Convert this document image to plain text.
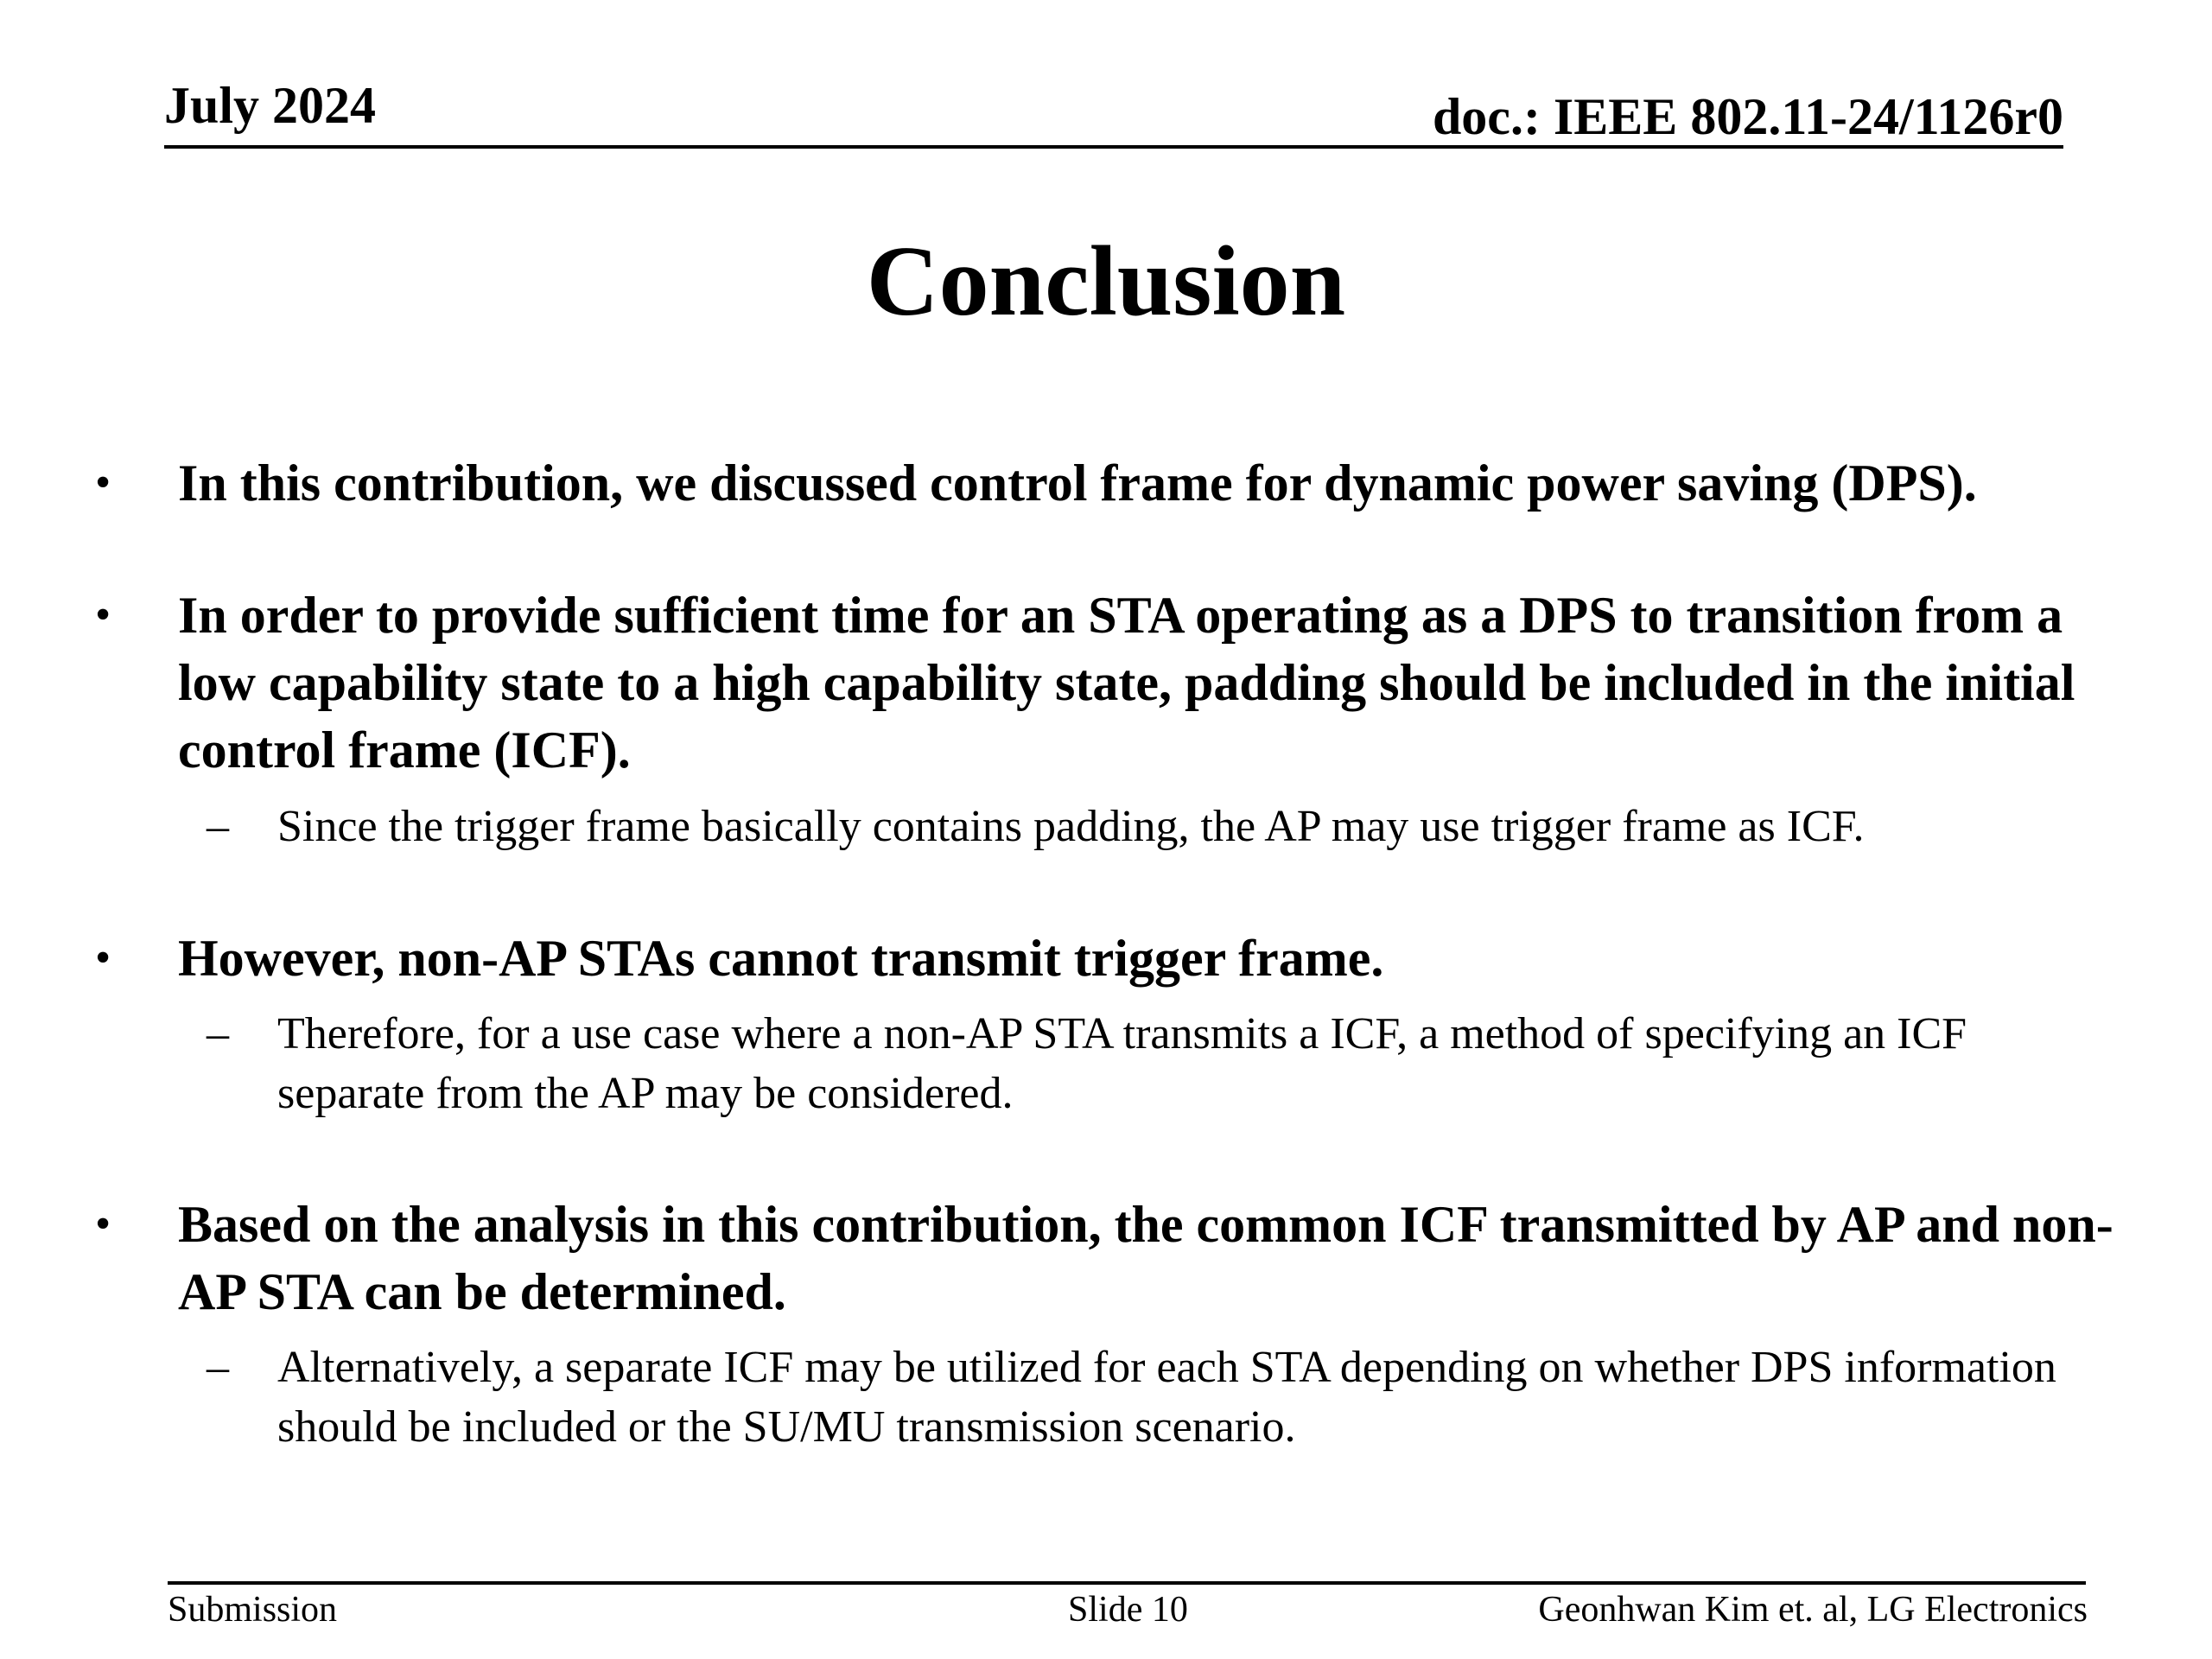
July 2024	doc.: IEEE 802.11-24/1126r0
Conclusion
• In this contribution, we discussed control frame for dynamic power saving (DPS).
• In order to provide sufficient time for an STA operating as a DPS to transition from a low capability state to a high capability state, padding should be included in the initial control frame (ICF).
– Since the trigger frame basically contains padding, the AP may use trigger frame as ICF.
• However, non-AP STAs cannot transmit trigger frame.
– Therefore, for a use case where a non-AP STA transmits a ICF, a method of specifying an ICF separate from the AP may be considered.
• Based on the analysis in this contribution, the common ICF transmitted by AP and non-AP STA can be determined.
– Alternatively, a separate ICF may be utilized for each STA depending on whether DPS information should be included or the SU/MU transmission scenario.
Submission	Slide 10	Geonhwan Kim et. al, LG Electronics
